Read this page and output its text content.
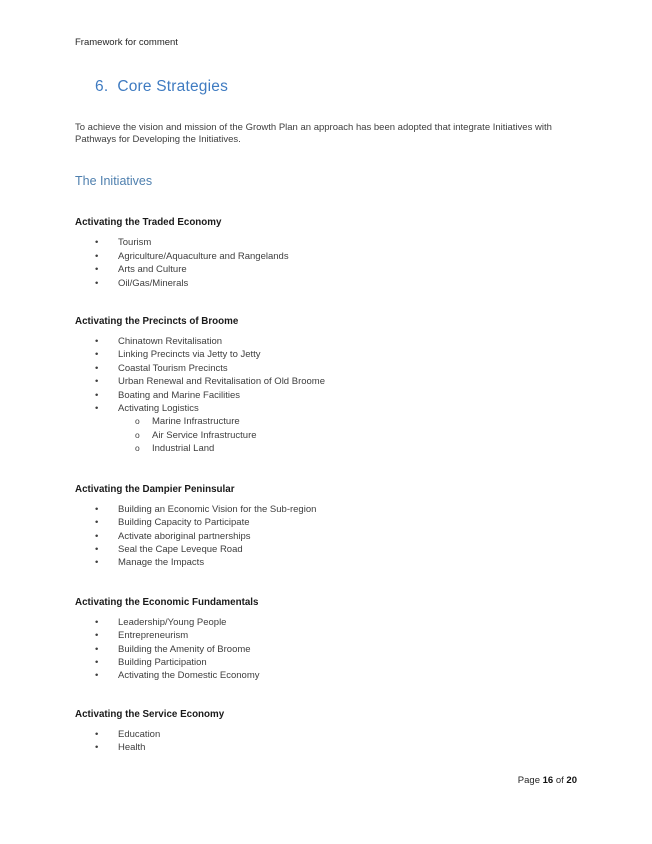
Framework for comment
6. Core Strategies

To achieve the vision and mission of the Growth Plan an approach has been adopted that integrate Initiatives with Pathways for Developing the Initiatives.

The Initiatives
Activating the Traded Economy
• Tourism
• Agriculture/Aquaculture and Rangelands
• Arts and Culture
• Oil/Gas/Minerals
Activating the Precincts of Broome
• Chinatown Revitalisation
• Linking Precincts via Jetty to Jetty
• Coastal Tourism Precincts
• Urban Renewal and Revitalisation of Old Broome
• Boating and Marine Facilities
• Activating Logistics
o Marine Infrastructure
o Air Service Infrastructure
o Industrial Land
Activating the Dampier Peninsular
• Building an Economic Vision for the Sub-region
• Building Capacity to Participate
• Activate aboriginal partnerships
• Seal the Cape Leveque Road
• Manage the Impacts
Activating the Economic Fundamentals
• Leadership/Young People
• Entrepreneurism
• Building the Amenity of Broome
• Building Participation
• Activating the Domestic Economy
Activating the Service Economy
• Education
• Health
Page 16 of 20
